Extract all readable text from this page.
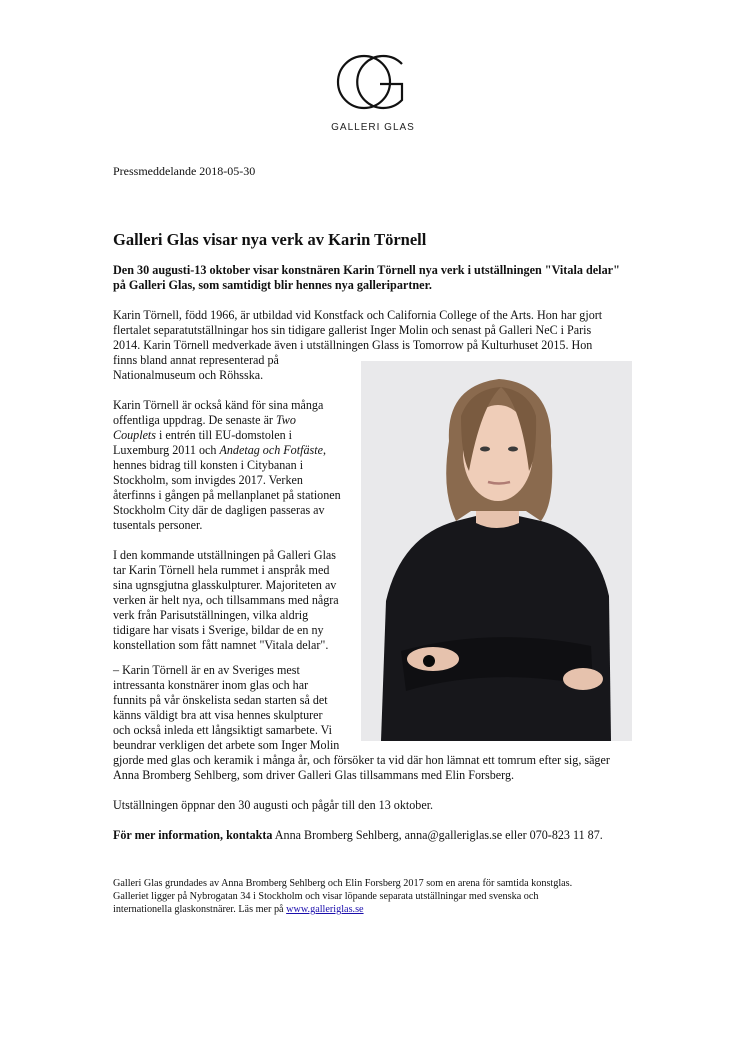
GALLERI GLAS
Pressmeddelande 2018-05-30
Galleri Glas visar nya verk av Karin Törnell

Den 30 augusti-13 oktober visar konstnären Karin Törnell nya verk i utställningen "Vitala delar" på Galleri Glas, som samtidigt blir hennes nya galleripartner.

Karin Törnell, född 1966, är utbildad vid Konstfack och California College of the Arts. Hon har gjort
flertalet separatutställningar hos sin tidigare gallerist Inger Molin och senast på Galleri NeC i Paris
2014. Karin Törnell medverkade även i utställningen Glass is Tomorrow på Kulturhuset 2015. Hon
finns bland annat representerad på
Nationalmuseum och Röhsska.

Karin Törnell är också känd för sina många
offentliga uppdrag. De senaste är Two
Couplets i entrén till EU-domstolen i
Luxemburg 2011 och Andetag och Fotfäste,
hennes bidrag till konsten i Citybanan i
Stockholm, som invigdes 2017. Verken
återfinns i gången på mellanplanet på stationen
Stockholm City där de dagligen passeras av
tusentals personer.

I den kommande utställningen på Galleri Glas
tar Karin Törnell hela rummet i anspråk med
sina ugnsgjutna glasskulpturer. Majoriteten av
verken är helt nya, och tillsammans med några
verk från Parisutställningen, vilka aldrig
tidigare har visats i Sverige, bildar de en ny
konstellation som fått namnet "Vitala delar".

– Karin Törnell är en av Sveriges mest
intressanta konstnärer inom glas och har
funnits på vår önskelista sedan starten så det
känns väldigt bra att visa hennes skulpturer
och också inleda ett långsiktigt samarbete. Vi
beundrar verkligen det arbete som Inger Molin
gjorde med glas och keramik i många år, och försöker ta vid där hon lämnat ett tomrum efter sig, säger
Anna Bromberg Sehlberg, som driver Galleri Glas tillsammans med Elin Forsberg.

Utställningen öppnar den 30 augusti och pågår till den 13 oktober.

För mer information, kontakta Anna Bromberg Sehlberg, anna@galleriglas.se eller 070-823 11 87.

Galleri Glas grundades av Anna Bromberg Sehlberg och Elin Forsberg 2017 som en arena för samtida konstglas.
Galleriet ligger på Nybrogatan 34 i Stockholm och visar löpande separata utställningar med svenska och
internationella glaskonstnärer. Läs mer på www.galleriglas.se
